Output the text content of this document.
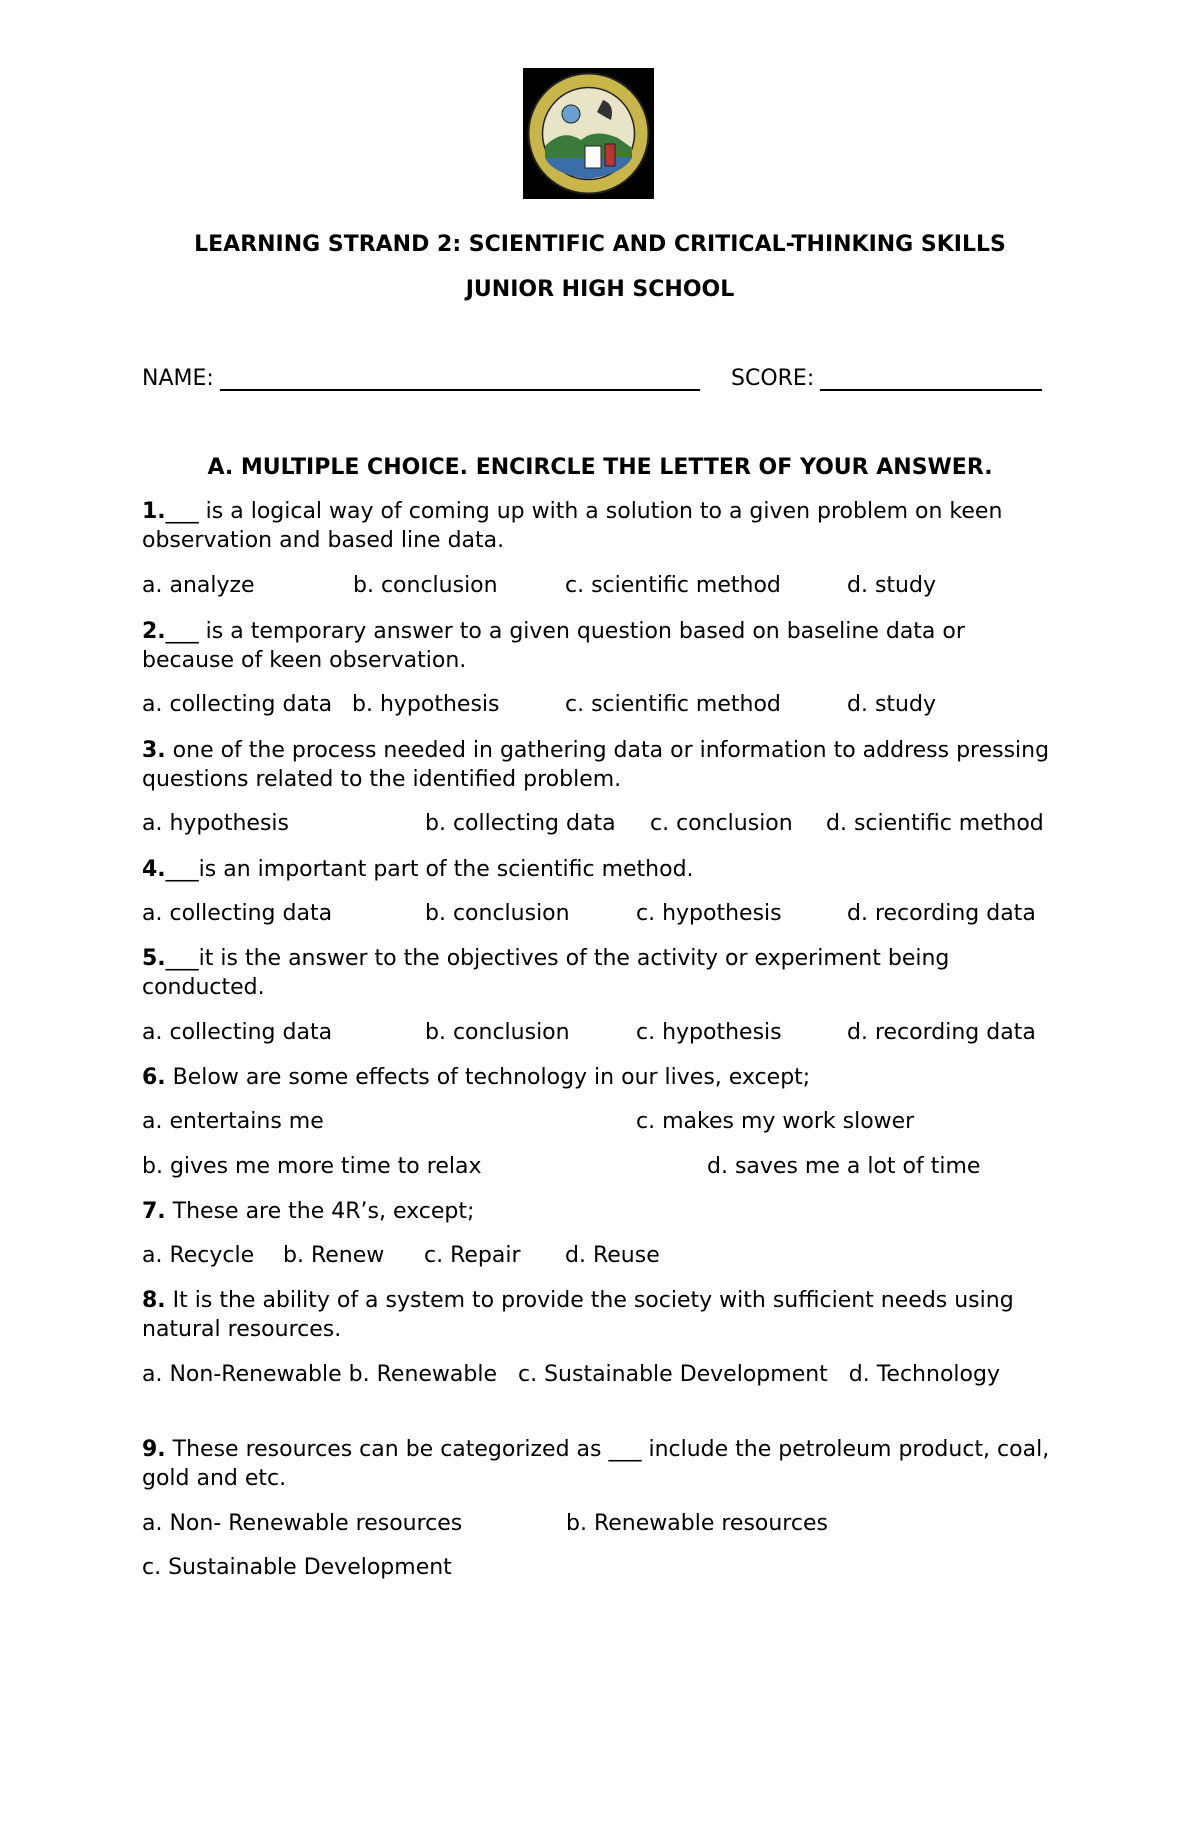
LEARNING STRAND 2: SCIENTIFIC AND CRITICAL-THINKING SKILLS
JUNIOR HIGH SCHOOL
NAME:	SCORE:
A. MULTIPLE CHOICE. ENCIRCLE THE LETTER OF YOUR ANSWER.
1.___ is a logical way of coming up with a solution to a given problem on keen observation and based line data.
a. analyze	b. conclusion	c. scientific method	d. study
2.___ is a temporary answer to a given question based on baseline data or because of keen observation.
a. collecting data b. hypothesis	c. scientific method	d. study
3. one of the process needed in gathering data or information to address pressing questions related to the identified problem.
a. hypothesis	b. collecting data c. conclusion d. scientific method
4.___is an important part of the scientific method.
a. collecting data	b. conclusion	c. hypothesis	d. recording data
5.___it is the answer to the objectives of the activity or experiment being conducted.
a. collecting data	b. conclusion	c. hypothesis	d. recording data
6. Below are some effects of technology in our lives, except;
a. entertains me	c. makes my work slower
b. gives me more time to relax	d. saves me a lot of time
7. These are the 4R’s, except;
a. Recycle b. Renew c. Repair d. Reuse
8. It is the ability of a system to provide the society with sufficient needs using natural resources.
a. Non-Renewable b. Renewable   c. Sustainable Development   d. Technology
9. These resources can be categorized as ___ include the petroleum product, coal, gold and etc.
a. Non- Renewable resources	b. Renewable resources
c. Sustainable Development
